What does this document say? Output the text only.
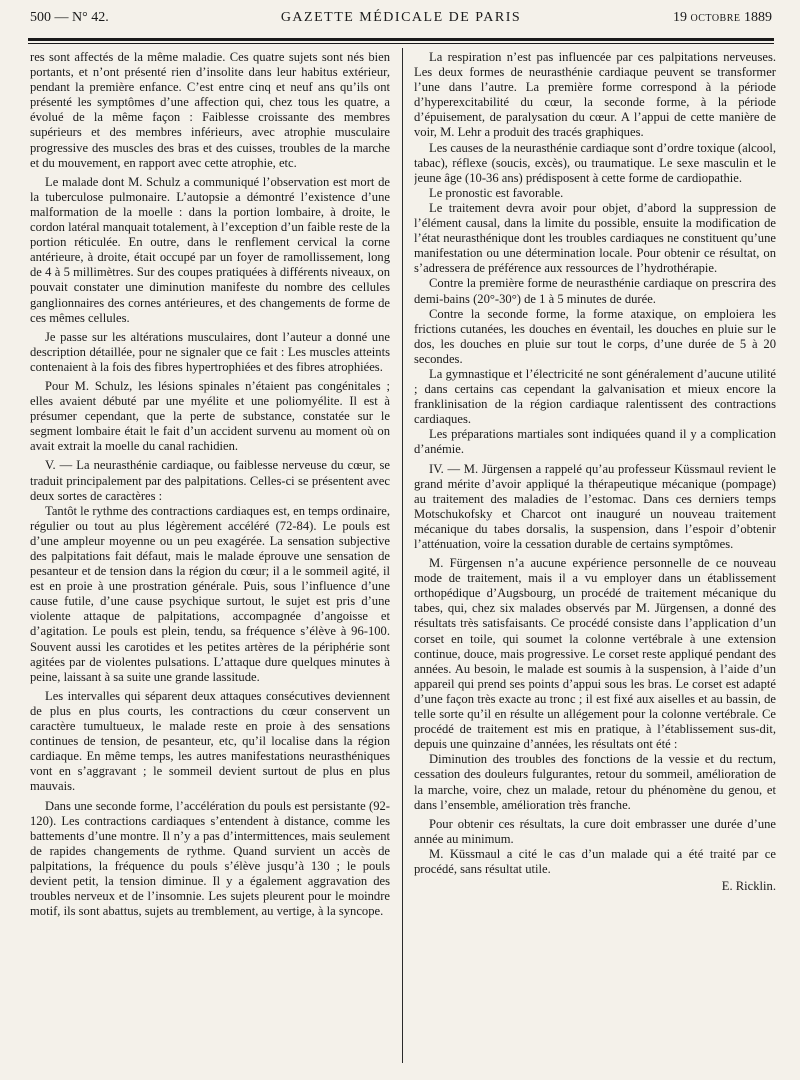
500 — N° 42.	GAZETTE MÉDICALE DE PARIS	19 OCTOBRE 1889

res sont affectés de la même maladie. Ces quatre sujets sont nés bien portants, et n’ont présenté rien d’insolite dans leur habitus extérieur, pendant la première enfance. C’est entre cinq et neuf ans qu’ils ont présenté les symptômes d’une affection qui, chez tous les quatre, a évolué de la même façon : Faiblesse croissante des membres supérieurs et des membres inférieurs, avec atrophie musculaire progressive des muscles des bras et des cuisses, troubles de la marche et du mouvement, en rapport avec cette atrophie, etc.

Le malade dont M. Schulz a communiqué l’observation est mort de la tuberculose pulmonaire. L’autopsie a démontré l’existence d’une malformation de la moelle : dans la portion lombaire, à droite, le cordon latéral manquait totalement, à l’exception d’un faible reste de la portion réticulée. En outre, dans le renflement cervical la corne antérieure, à droite, était occupé par un foyer de ramollissement, long de 4 à 5 millimètres. Sur des coupes pratiquées à différents niveaux, on pouvait constater une diminution manifeste du nombre des cellules ganglionnaires des cornes antérieures, et des changements de forme de ces mêmes cellules.

Je passe sur les altérations musculaires, dont l’auteur a donné une description détaillée, pour ne signaler que ce fait : Les muscles atteints contenaient à la fois des fibres hypertrophiées et des fibres atrophiées.

Pour M. Schulz, les lésions spinales n’étaient pas congénitales ; elles avaient débuté par une myélite et une poliomyélite. Il est à présumer cependant, que la perte de substance, constatée sur le segment lombaire était le fait d’un accident survenu au moment où on avait extrait la moelle du canal rachidien.

V. — La neurasthénie cardiaque, ou faiblesse nerveuse du cœur, se traduit principalement par des palpitations. Celles-ci se présentent avec deux sortes de caractères :

Tantôt le rythme des contractions cardiaques est, en temps ordinaire, régulier ou tout au plus légèrement accéléré (72-84). Le pouls est d’une ampleur moyenne ou un peu exagérée. La sensation subjective des palpitations fait défaut, mais le malade éprouve une sensation de pesanteur et de tension dans la région du cœur; il a le sommeil agité, il est en proie à une prostration générale. Puis, sous l’influence d’une cause futile, d’une cause psychique surtout, le sujet est pris d’une violente attaque de palpitations, accompagnée d’angoisse et d’agitation. Le pouls est plein, tendu, sa fréquence s’élève à 96-100. Souvent aussi les carotides et les petites artères de la périphérie sont agitées par de violentes pulsations. L’attaque dure quelques minutes à peine, laissant à sa suite une grande lassitude.

Les intervalles qui séparent deux attaques consécutives deviennent de plus en plus courts, les contractions du cœur conservent un caractère tumultueux, le malade reste en proie à des sensations continues de tension, de pesanteur, etc, qu’il localise dans la région cardiaque. En même temps, les autres manifestations neurasthéniques vont en s’aggravant ; le sommeil devient surtout de plus en plus mauvais.

Dans une seconde forme, l’accélération du pouls est persistante (92-120). Les contractions cardiaques s’entendent à distance, comme les battements d’une montre. Il n’y a pas d’intermittences, mais seulement de rapides changements de rythme. Quand survient un accès de palpitations, la fréquence du pouls s’élève jusqu’à 130 ; le pouls devient petit, la tension diminue. Il y a également aggravation des troubles nerveux et de l’insomnie. Les sujets pleurent pour le moindre motif, ils sont abattus, sujets au tremblement, au vertige, à la syncope.

La respiration n’est pas influencée par ces palpitations nerveuses. Les deux formes de neurasthénie cardiaque peuvent se transformer l’une dans l’autre. La première forme correspond à la période d’hyperexcitabilité du cœur, la seconde forme, à la période d’épuisement, de paralysation du cœur. A l’appui de cette manière de voir, M. Lehr a produit des tracés graphiques.

Les causes de la neurasthénie cardiaque sont d’ordre toxique (alcool, tabac), réflexe (soucis, excès), ou traumatique. Le sexe masculin et le jeune âge (10-36 ans) prédisposent à cette forme de cardiopathie.

Le pronostic est favorable.

Le traitement devra avoir pour objet, d’abord la suppression de l’élément causal, dans la limite du possible, ensuite la modification de l’état neurasthénique dont les troubles cardiaques ne constituent qu’une manifestation ou une détermination locale. Pour obtenir ce résultat, on s’adressera de préférence aux ressources de l’hydrothérapie.

Contre la première forme de neurasthénie cardiaque on prescrira des demi-bains (20°-30°) de 1 à 5 minutes de durée.

Contre la seconde forme, la forme ataxique, on emploiera les frictions cutanées, les douches en éventail, les douches en pluie sur le dos, les douches en pluie sur tout le corps, d’une durée de 5 à 20 secondes.

La gymnastique et l’électricité ne sont généralement d’aucune utilité ; dans certains cas cependant la galvanisation et mieux encore la franklinisation de la région cardiaque ralentissent des contractions cardiaques.

Les préparations martiales sont indiquées quand il y a complication d’anémie.

IV. — M. Jürgensen a rappelé qu’au professeur Küssmaul revient le grand mérite d’avoir appliqué la thérapeutique mécanique (pompage) au traitement des maladies de l’estomac. Dans ces derniers temps Motschukofsky et Charcot ont inauguré un nouveau traitement mécanique du tabes dorsalis, la suspension, dans l’espoir d’obtenir l’atténuation, voire la cessation durable de certains symptômes.

M. Fürgensen n’a aucune expérience personnelle de ce nouveau mode de traitement, mais il a vu employer dans un établissement orthopédique d’Augsbourg, un procédé de traitement mécanique du tabes, qui, chez six malades observés par M. Jürgensen, a donné des résultats très satisfaisants. Ce procédé consiste dans l’application d’un corset en toile, qui soumet la colonne vertébrale à une extension continue, douce, mais progressive. Le corset reste appliqué pendant des années. Au besoin, le malade est soumis à la suspension, à l’aide d’un appareil qui prend ses points d’appui sous les bras. Le corset est adapté d’une façon très exacte au tronc ; il est fixé aux aiselles et au bassin, de telle sorte qu’il en résulte un allégement pour la colonne vertébrale. Ce procédé de traitement est mis en pratique, à l’établissement sus-dit, depuis une quinzaine d’années, les résultats ont été :

Diminution des troubles des fonctions de la vessie et du rectum, cessation des douleurs fulgurantes, retour du sommeil, amélioration de la marche, voire, chez un malade, retour du phénomène du genou, et dans l’ensemble, amélioration très franche.

Pour obtenir ces résultats, la cure doit embrasser une durée d’une année au minimum.

M. Küssmaul a cité le cas d’un malade qui a été traité par ce procédé, sans résultat utile.

E. Ricklin.
